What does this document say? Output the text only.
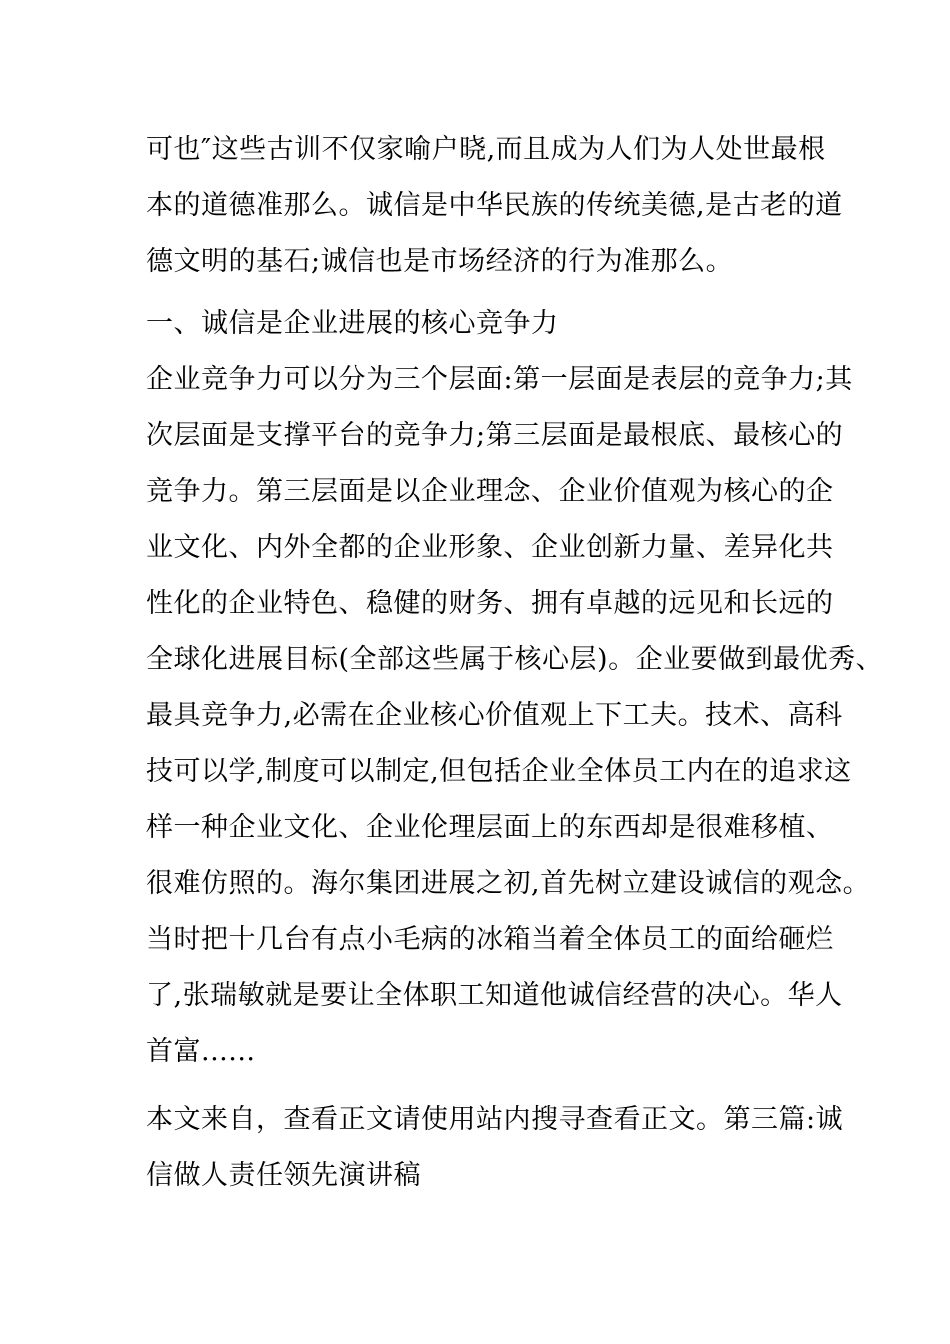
可也″这些古训不仅家喻户晓,而且成为人们为人处世最根
本的道德准那么。诚信是中华民族的传统美德,是古老的道
德文明的基石;诚信也是市场经济的行为准那么。
一、诚信是企业进展的核心竞争力
企业竞争力可以分为三个层面:第一层面是表层的竞争力;其
次层面是支撑平台的竞争力;第三层面是最根底、最核心的
竞争力。第三层面是以企业理念、企业价值观为核心的企
业文化、内外全都的企业形象、企业创新力量、差异化共
性化的企业特色、稳健的财务、拥有卓越的远见和长远的
全球化进展目标(全部这些属于核心层)。企业要做到最优秀、
最具竞争力,必需在企业核心价值观上下工夫。技术、高科
技可以学,制度可以制定,但包括企业全体员工内在的追求这
样一种企业文化、企业伦理层面上的东西却是很难移植、
很难仿照的。海尔集团进展之初,首先树立建设诚信的观念。
当时把十几台有点小毛病的冰箱当着全体员工的面给砸烂
了,张瑞敏就是要让全体职工知道他诚信经营的决心。华人
首富......
本文来自，查看正文请使用站内搜寻查看正文。第三篇:诚
信做人责任领先演讲稿
